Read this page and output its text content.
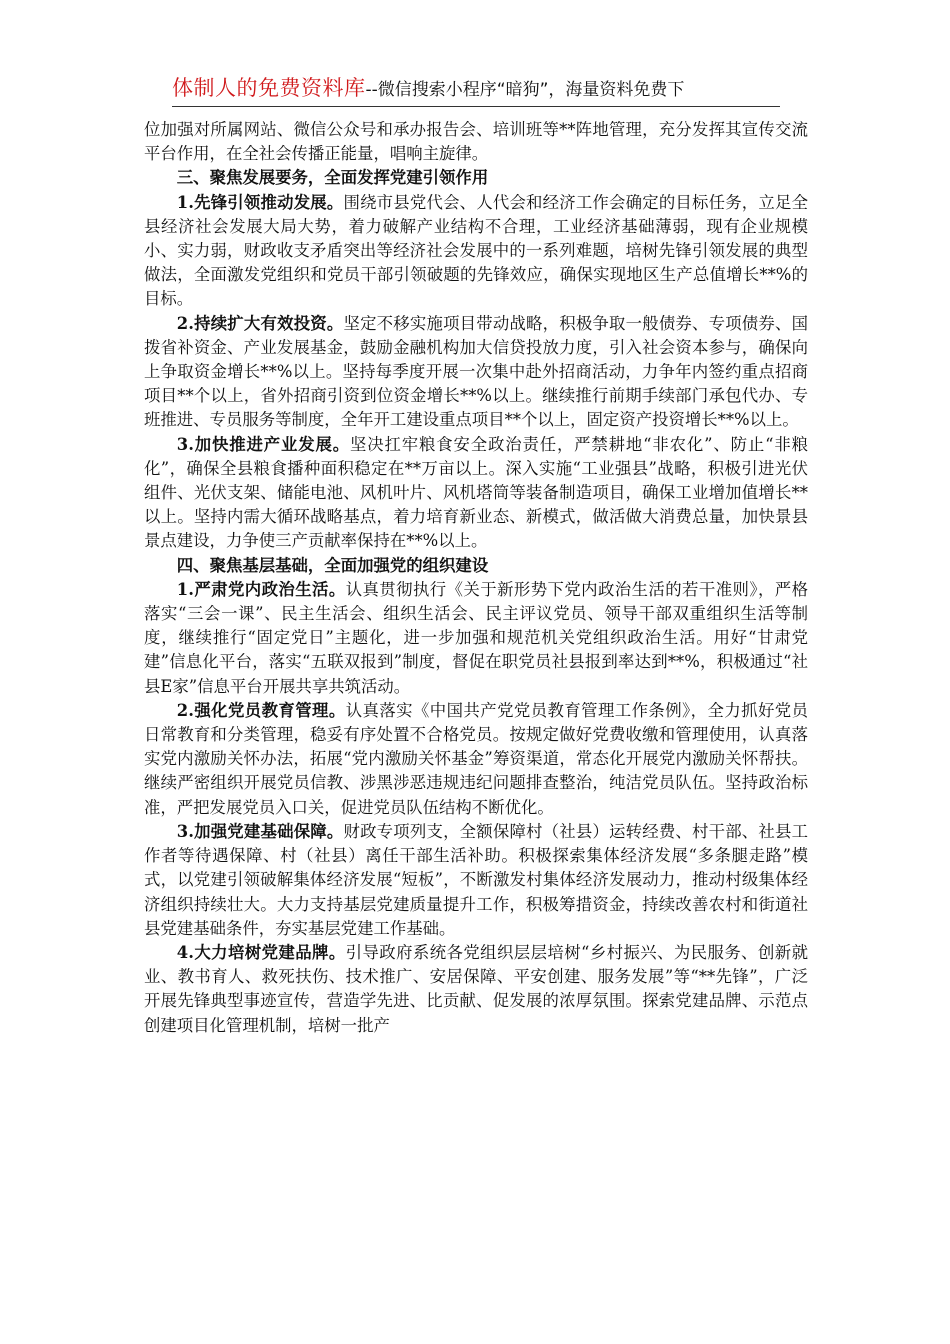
体制人的免费资料库--微信搜索小程序“暗狗”，海量资料免费下

位加强对所属网站、微信公众号和承办报告会、培训班等**阵地管理，充分发挥其宣传交流平台作用，在全社会传播正能量，唱响主旋律。

三、聚焦发展要务，全面发挥党建引领作用

1.先锋引领推动发展。围绕市县党代会、人代会和经济工作会确定的目标任务，立足全县经济社会发展大局大势，着力破解产业结构不合理，工业经济基础薄弱，现有企业规模小、实力弱，财政收支矛盾突出等经济社会发展中的一系列难题，培树先锋引领发展的典型做法，全面激发党组织和党员干部引领破题的先锋效应，确保实现地区生产总值增长**%的目标。

2.持续扩大有效投资。坚定不移实施项目带动战略，积极争取一般债券、专项债券、国拨省补资金、产业发展基金，鼓励金融机构加大信贷投放力度，引入社会资本参与，确保向上争取资金增长**%以上。坚持每季度开展一次集中赴外招商活动，力争年内签约重点招商项目**个以上，省外招商引资到位资金增长**%以上。继续推行前期手续部门承包代办、专班推进、专员服务等制度，全年开工建设重点项目**个以上，固定资产投资增长**%以上。

3.加快推进产业发展。坚决扛牢粮食安全政治责任，严禁耕地“非农化”、防止“非粮化”，确保全县粮食播种面积稳定在**万亩以上。深入实施“工业强县”战略，积极引进光伏组件、光伏支架、储能电池、风机叶片、风机塔筒等装备制造项目，确保工业增加值增长**以上。坚持内需大循环战略基点，着力培育新业态、新模式，做活做大消费总量，加快景县景点建设，力争使三产贡献率保持在**%以上。

四、聚焦基层基础，全面加强党的组织建设

1.严肃党内政治生活。认真贯彻执行《关于新形势下党内政治生活的若干准则》，严格落实“三会一课”、民主生活会、组织生活会、民主评议党员、领导干部双重组织生活等制度，继续推行“固定党日”主题化，进一步加强和规范机关党组织政治生活。用好“甘肃党建”信息化平台，落实“五联双报到”制度，督促在职党员社县报到率达到**%，积极通过“社县E家”信息平台开展共享共筑活动。

2.强化党员教育管理。认真落实《中国共产党党员教育管理工作条例》，全力抓好党员日常教育和分类管理，稳妥有序处置不合格党员。按规定做好党费收缴和管理使用，认真落实党内激励关怀办法，拓展“党内激励关怀基金”筹资渠道，常态化开展党内激励关怀帮扶。继续严密组织开展党员信教、涉黑涉恶违规违纪问题排查整治，纯洁党员队伍。坚持政治标准，严把发展党员入口关，促进党员队伍结构不断优化。

3.加强党建基础保障。财政专项列支，全额保障村（社县）运转经费、村干部、社县工作者等待遇保障、村（社县）离任干部生活补助。积极探索集体经济发展“多条腿走路”模式，以党建引领破解集体经济发展“短板”，不断激发村集体经济发展动力，推动村级集体经济组织持续壮大。大力支持基层党建质量提升工作，积极筹措资金，持续改善农村和街道社县党建基础条件，夯实基层党建工作基础。

4.大力培树党建品牌。引导政府系统各党组织层层培树“乡村振兴、为民服务、创新就业、教书育人、救死扶伤、技术推广、安居保障、平安创建、服务发展”等“**先锋”，广泛开展先锋典型事迹宣传，营造学先进、比贡献、促发展的浓厚氛围。探索党建品牌、示范点创建项目化管理机制，培树一批产
